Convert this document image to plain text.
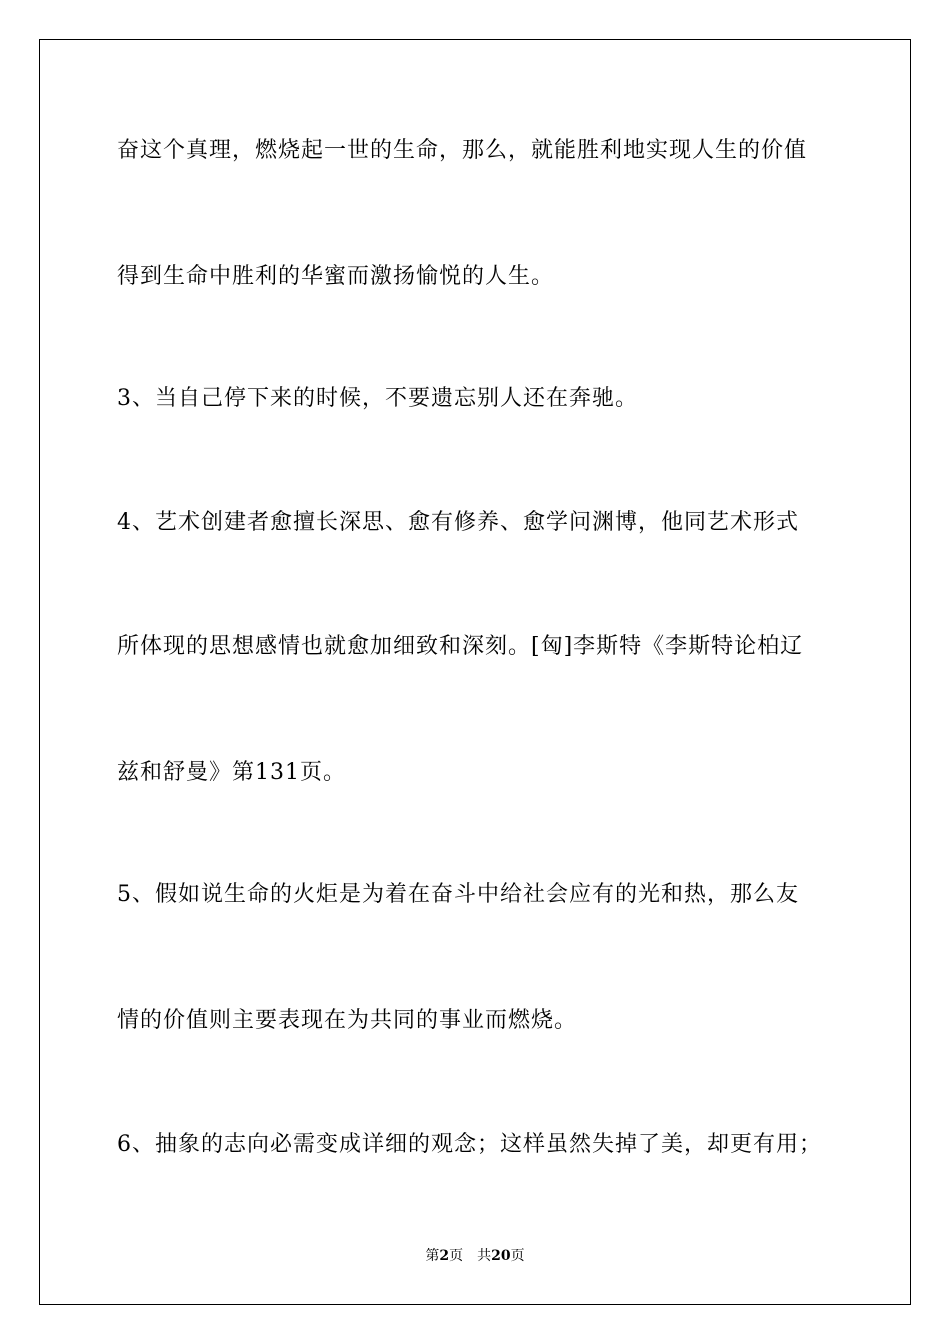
奋这个真理，燃烧起一世的生命，那么，就能胜利地实现人生的价值
得到生命中胜利的华蜜而激扬愉悦的人生。
3、当自己停下来的时候，不要遗忘别人还在奔驰。
4、艺术创建者愈擅长深思、愈有修养、愈学问渊博，他同艺术形式
所体现的思想感情也就愈加细致和深刻。[匈]李斯特《李斯特论柏辽
兹和舒曼》第131页。
5、假如说生命的火炬是为着在奋斗中给社会应有的光和热，那么友
情的价值则主要表现在为共同的事业而燃烧。
6、抽象的志向必需变成详细的观念；这样虽然失掉了美，却更有用；
第2页 共20页
